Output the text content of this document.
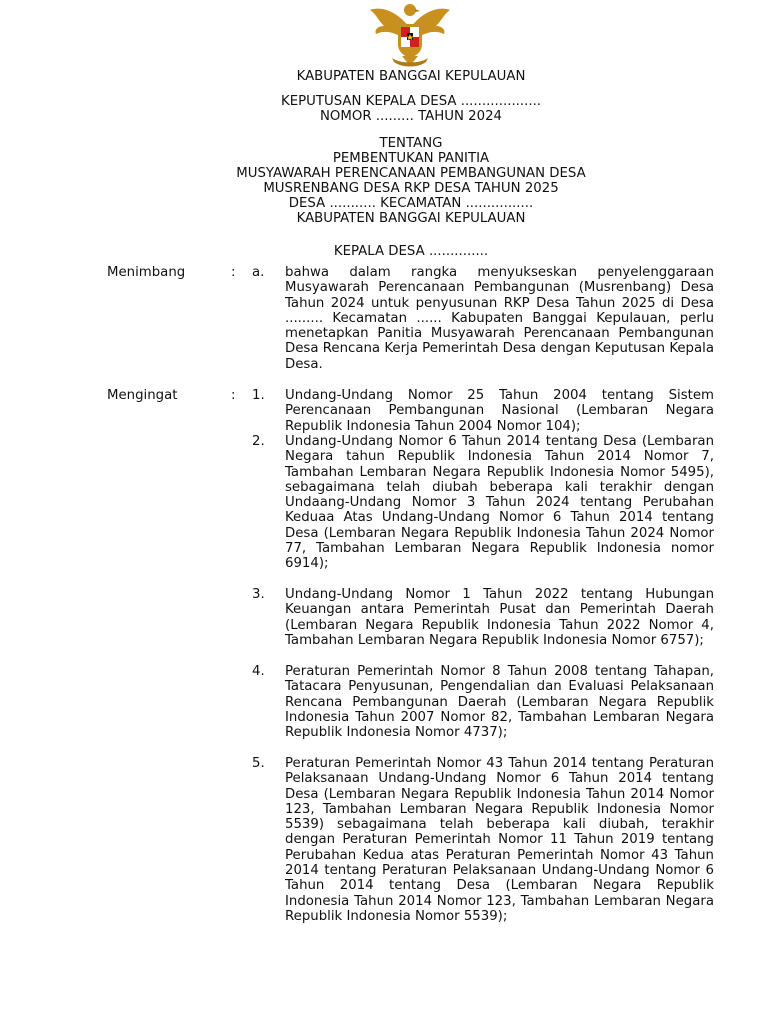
KABUPATEN BANGGAI KEPULAUAN
KEPUTUSAN KEPALA DESA ...................
NOMOR ......... TAHUN 2024
TENTANG
PEMBENTUKAN PANITIA
MUSYAWARAH PERENCANAAN PEMBANGUNAN DESA
MUSRENBANG DESA RKP DESA TAHUN 2025
DESA ........... KECAMATAN ................
KABUPATEN BANGGAI KEPULAUAN
KEPALA DESA ..............
Menimbang	: a. bahwa dalam rangka menyukseskan penyelenggaraan Musyawarah Perencanaan Pembangunan (Musrenbang) Desa Tahun 2024 untuk penyusunan RKP Desa Tahun 2025 di Desa ......... Kecamatan ...... Kabupaten Banggai Kepulauan, perlu menetapkan Panitia Musyawarah Perencanaan Pembangunan Desa Rencana Kerja Pemerintah Desa dengan Keputusan Kepala Desa.
Mengingat	: 1. Undang-Undang Nomor 25 Tahun 2004 tentang Sistem Perencanaan Pembangunan Nasional (Lembaran Negara Republik Indonesia Tahun 2004 Nomor 104);
2. Undang-Undang Nomor 6 Tahun 2014 tentang Desa (Lembaran Negara tahun Republik Indonesia Tahun 2014 Nomor 7, Tambahan Lembaran Negara Republik Indonesia Nomor 5495), sebagaimana telah diubah beberapa kali terakhir dengan Undaang-Undang Nomor 3 Tahun 2024 tentang Perubahan Keduaa Atas Undang-Undang Nomor 6 Tahun 2014 tentang Desa (Lembaran Negara Republik Indonesia Tahun 2024 Nomor 77, Tambahan Lembaran Negara Republik Indonesia nomor 6914);
3. Undang-Undang Nomor 1 Tahun 2022 tentang Hubungan Keuangan antara Pemerintah Pusat dan Pemerintah Daerah (Lembaran Negara Republik Indonesia Tahun 2022 Nomor 4, Tambahan Lembaran Negara Republik Indonesia Nomor 6757);
4. Peraturan Pemerintah Nomor 8 Tahun 2008 tentang Tahapan, Tatacara Penyusunan, Pengendalian dan Evaluasi Pelaksanaan Rencana Pembangunan Daerah (Lembaran Negara Republik Indonesia Tahun 2007 Nomor 82, Tambahan Lembaran Negara Republik Indonesia Nomor 4737);
5. Peraturan Pemerintah Nomor 43 Tahun 2014 tentang Peraturan Pelaksanaan Undang-Undang Nomor 6 Tahun 2014 tentang Desa (Lembaran Negara Republik Indonesia Tahun 2014 Nomor 123, Tambahan Lembaran Negara Republik Indonesia Nomor 5539) sebagaimana telah beberapa kali diubah, terakhir dengan Peraturan Pemerintah Nomor 11 Tahun 2019 tentang Perubahan Kedua atas Peraturan Pemerintah Nomor 43 Tahun 2014 tentang Peraturan Pelaksanaan Undang-Undang Nomor 6 Tahun 2014 tentang Desa (Lembaran Negara Republik Indonesia Tahun 2014 Nomor 123, Tambahan Lembaran Negara Republik Indonesia Nomor 5539);
